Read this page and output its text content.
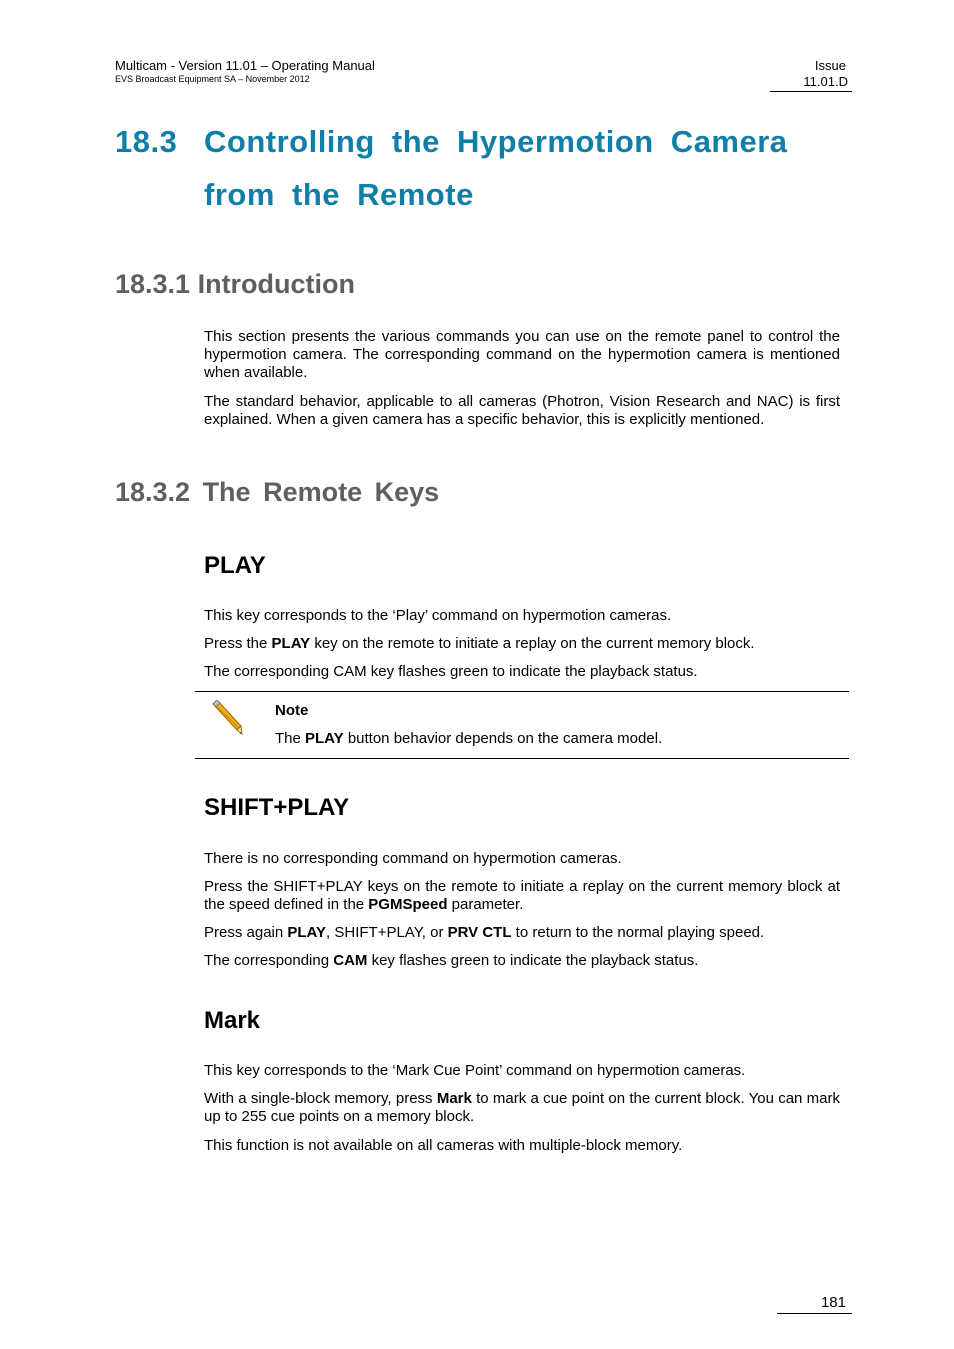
Multicam - Version 11.01 – Operating Manual
EVS Broadcast Equipment SA – November 2012
Issue
11.01.D
18.3 Controlling the Hypermotion Camera
from the Remote
18.3.1 Introduction
This section presents the various commands you can use on the remote panel to control the hypermotion camera. The corresponding command on the hypermotion camera is mentioned when available.
The standard behavior, applicable to all cameras (Photron, Vision Research and NAC) is first explained. When a given camera has a specific behavior, this is explicitly mentioned.
18.3.2 The Remote Keys
PLAY
This key corresponds to the ‘Play’ command on hypermotion cameras.
Press the PLAY key on the remote to initiate a replay on the current memory block.
The corresponding CAM key flashes green to indicate the playback status.
Note
The PLAY button behavior depends on the camera model.
SHIFT+PLAY
There is no corresponding command on hypermotion cameras.
Press the SHIFT+PLAY keys on the remote to initiate a replay on the current memory block at the speed defined in the PGMSpeed parameter.
Press again PLAY, SHIFT+PLAY, or PRV CTL to return to the normal playing speed.
The corresponding CAM key flashes green to indicate the playback status.
Mark
This key corresponds to the ‘Mark Cue Point’ command on hypermotion cameras.
With a single-block memory, press Mark to mark a cue point on the current block. You can mark up to 255 cue points on a memory block.
This function is not available on all cameras with multiple-block memory.
181
